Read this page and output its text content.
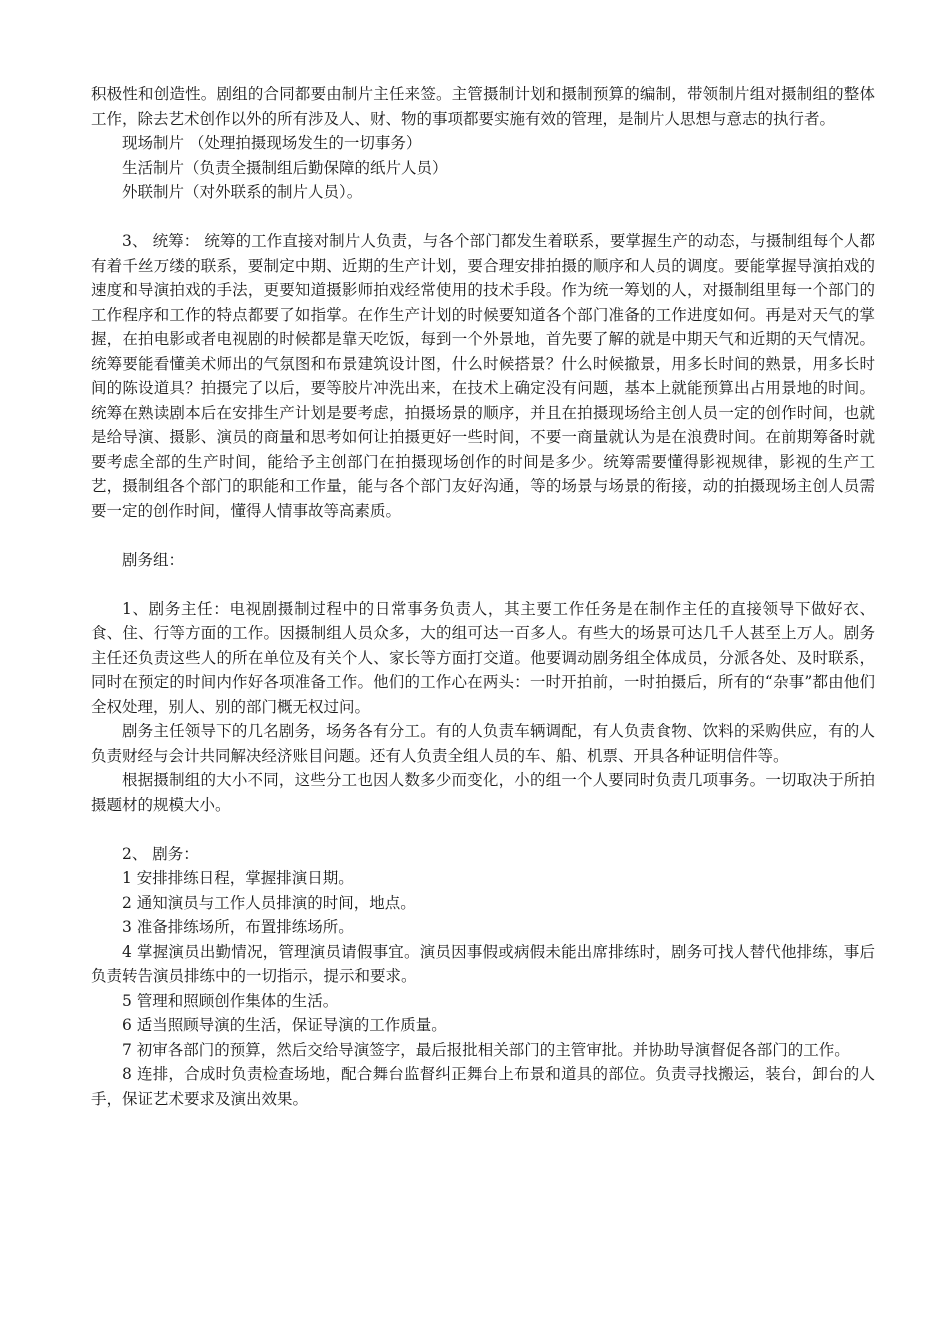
积极性和创造性。剧组的合同都要由制片主任来签。主管摄制计划和摄制预算的编制，带领制片组对摄制组的整体工作，除去艺术创作以外的所有涉及人、财、物的事项都要实施有效的管理，是制片人思想与意志的执行者。

现场制片 （处理拍摄现场发生的一切事务）

生活制片（负责全摄制组后勤保障的纸片人员）

外联制片（对外联系的制片人员）。

3、 统筹： 统筹的工作直接对制片人负责，与各个部门都发生着联系，要掌握生产的动态，与摄制组每个人都有着千丝万缕的联系，要制定中期、近期的生产计划，要合理安排拍摄的顺序和人员的调度。要能掌握导演拍戏的速度和导演拍戏的手法，更要知道摄影师拍戏经常使用的技术手段。作为统一筹划的人，对摄制组里每一个部门的工作程序和工作的特点都要了如指掌。在作生产计划的时候要知道各个部门准备的工作进度如何。再是对天气的掌握，在拍电影或者电视剧的时候都是靠天吃饭，每到一个外景地，首先要了解的就是中期天气和近期的天气情况。统筹要能看懂美术师出的气氛图和布景建筑设计图，什么时候搭景？什么时候撤景，用多长时间的熟景，用多长时间的陈设道具？拍摄完了以后，要等胶片冲洗出来，在技术上确定没有问题，基本上就能预算出占用景地的时间。统筹在熟读剧本后在安排生产计划是要考虑，拍摄场景的顺序，并且在拍摄现场给主创人员一定的创作时间，也就是给导演、摄影、演员的商量和思考如何让拍摄更好一些时间，不要一商量就认为是在浪费时间。在前期筹备时就要考虑全部的生产时间，能给予主创部门在拍摄现场创作的时间是多少。统筹需要懂得影视规律，影视的生产工艺，摄制组各个部门的职能和工作量，能与各个部门友好沟通，等的场景与场景的衔接，动的拍摄现场主创人员需要一定的创作时间，懂得人情事故等高素质。

剧务组：

1、剧务主任：电视剧摄制过程中的日常事务负责人，其主要工作任务是在制作主任的直接领导下做好衣、食、住、行等方面的工作。因摄制组人员众多，大的组可达一百多人。有些大的场景可达几千人甚至上万人。剧务主任还负责这些人的所在单位及有关个人、家长等方面打交道。他要调动剧务组全体成员，分派各处、及时联系，同时在预定的时间内作好各项准备工作。他们的工作心在两头：一时开拍前，一时拍摄后，所有的“杂事”都由他们全权处理，别人、别的部门概无权过问。

剧务主任领导下的几名剧务，场务各有分工。有的人负责车辆调配，有人负责食物、饮料的采购供应，有的人负责财经与会计共同解决经济账目问题。还有人负责全组人员的车、船、机票、开具各种证明信件等。

根据摄制组的大小不同，这些分工也因人数多少而变化，小的组一个人要同时负责几项事务。一切取决于所拍摄题材的规模大小。

2、 剧务：

1 安排排练日程，掌握排演日期。

2 通知演员与工作人员排演的时间，地点。

3 准备排练场所，布置排练场所。

4 掌握演员出勤情况，管理演员请假事宜。演员因事假或病假未能出席排练时，剧务可找人替代他排练，事后负责转告演员排练中的一切指示，提示和要求。

5 管理和照顾创作集体的生活。

6 适当照顾导演的生活，保证导演的工作质量。

7 初审各部门的预算，然后交给导演签字，最后报批相关部门的主管审批。并协助导演督促各部门的工作。

8 连排，合成时负责检查场地，配合舞台监督纠正舞台上布景和道具的部位。负责寻找搬运，装台，卸台的人手，保证艺术要求及演出效果。
